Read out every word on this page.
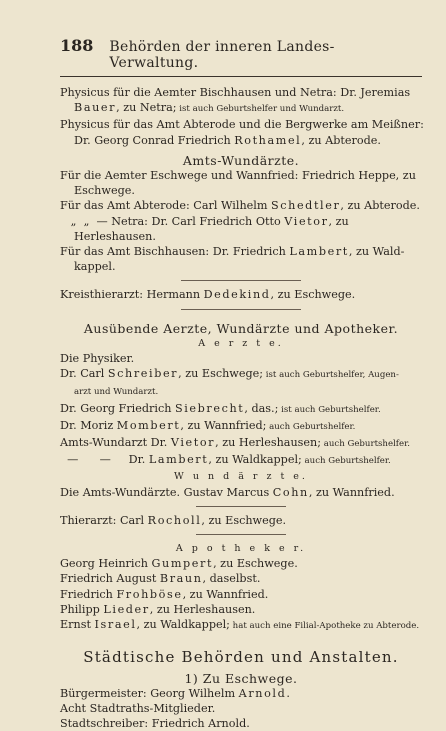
188 Behörden der inneren Landes-Verwaltung.
Physicus für die Aemter Bischhausen und Netra: Dr. Jeremias
Bauer, zu Netra; ist auch Geburtshelfer und Wundarzt.
Physicus für das Amt Abterode und die Bergwerke am Meißner:
Dr. Georg Conrad Friedrich Rothamel, zu Abterode.
Amts-Wundärzte.
Für die Aemter Eschwege und Wannfried: Friedrich Heppe, zu
Eschwege.
Für das Amt Abterode: Carl Wilhelm Schedtler, zu Abterode.
„  „  — Netra: Dr. Carl Friedrich Otto Vietor, zu
Herleshausen.
Für das Amt Bischhausen: Dr. Friedrich Lambert, zu Wald-
kappel.
Kreisthierarzt: Hermann Dedekind, zu Eschwege.
Ausübende Aerzte, Wundärzte und Apotheker.
A e r z t e.
Die Physiker.
Dr. Carl Schreiber, zu Eschwege; ist auch Geburtshelfer, Augen-
arzt und Wundarzt.
Dr. Georg Friedrich Siebrecht, das.; ist auch Geburtshelfer.
Dr. Moriz Mombert, zu Wannfried; auch Geburtshelfer.
Amts-Wundarzt Dr. Vietor, zu Herleshausen; auch Geburtshelfer.
—      —     Dr. Lambert, zu Waldkappel; auch Geburtshelfer.
W u n d ä r z t e.
Die Amts-Wundärzte. Gustav Marcus Cohn, zu Wannfried.
Thierarzt: Carl Rocholl, zu Eschwege.
A p o t h e k e r.
Georg Heinrich Gumpert, zu Eschwege.
Friedrich August Braun, daselbst.
Friedrich Frohböse, zu Wannfried.
Philipp Lieder, zu Herleshausen.
Ernst Israel, zu Waldkappel; hat auch eine Filial-Apotheke zu Abterode.
Städtische Behörden und Anstalten.
1) Zu Eschwege.
Bürgermeister: Georg Wilhelm Arnold.
Acht Stadtraths-Mitglieder.
Stadtschreiber: Friedrich Arnold.
